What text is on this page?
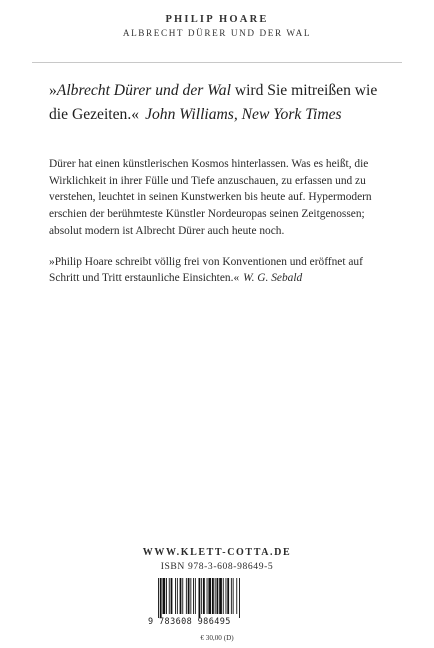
PHILIP HOARE
ALBRECHT DÜRER UND DER WAL
»Albrecht Dürer und der Wal wird Sie mitreißen wie die Gezeiten.« John Williams, New York Times

Dürer hat einen künstlerischen Kosmos hinterlassen. Was es heißt, die Wirklichkeit in ihrer Fülle und Tiefe anzuschauen, zu erfassen und zu verstehen, leuchtet in seinen Kunstwerken bis heute auf. Hypermodern erschien der berühmteste Künstler Nordeuropas seinen Zeitgenossen; absolut modern ist Albrecht Dürer auch heute noch.

»Philip Hoare schreibt völlig frei von Konventionen und eröffnet auf Schritt und Tritt erstaunliche Einsichten.« W. G. Sebald

WWW.KLETT-COTTA.DE
ISBN 978-3-608-98649-5
9 783608 986495
€ 30,00 (D)
